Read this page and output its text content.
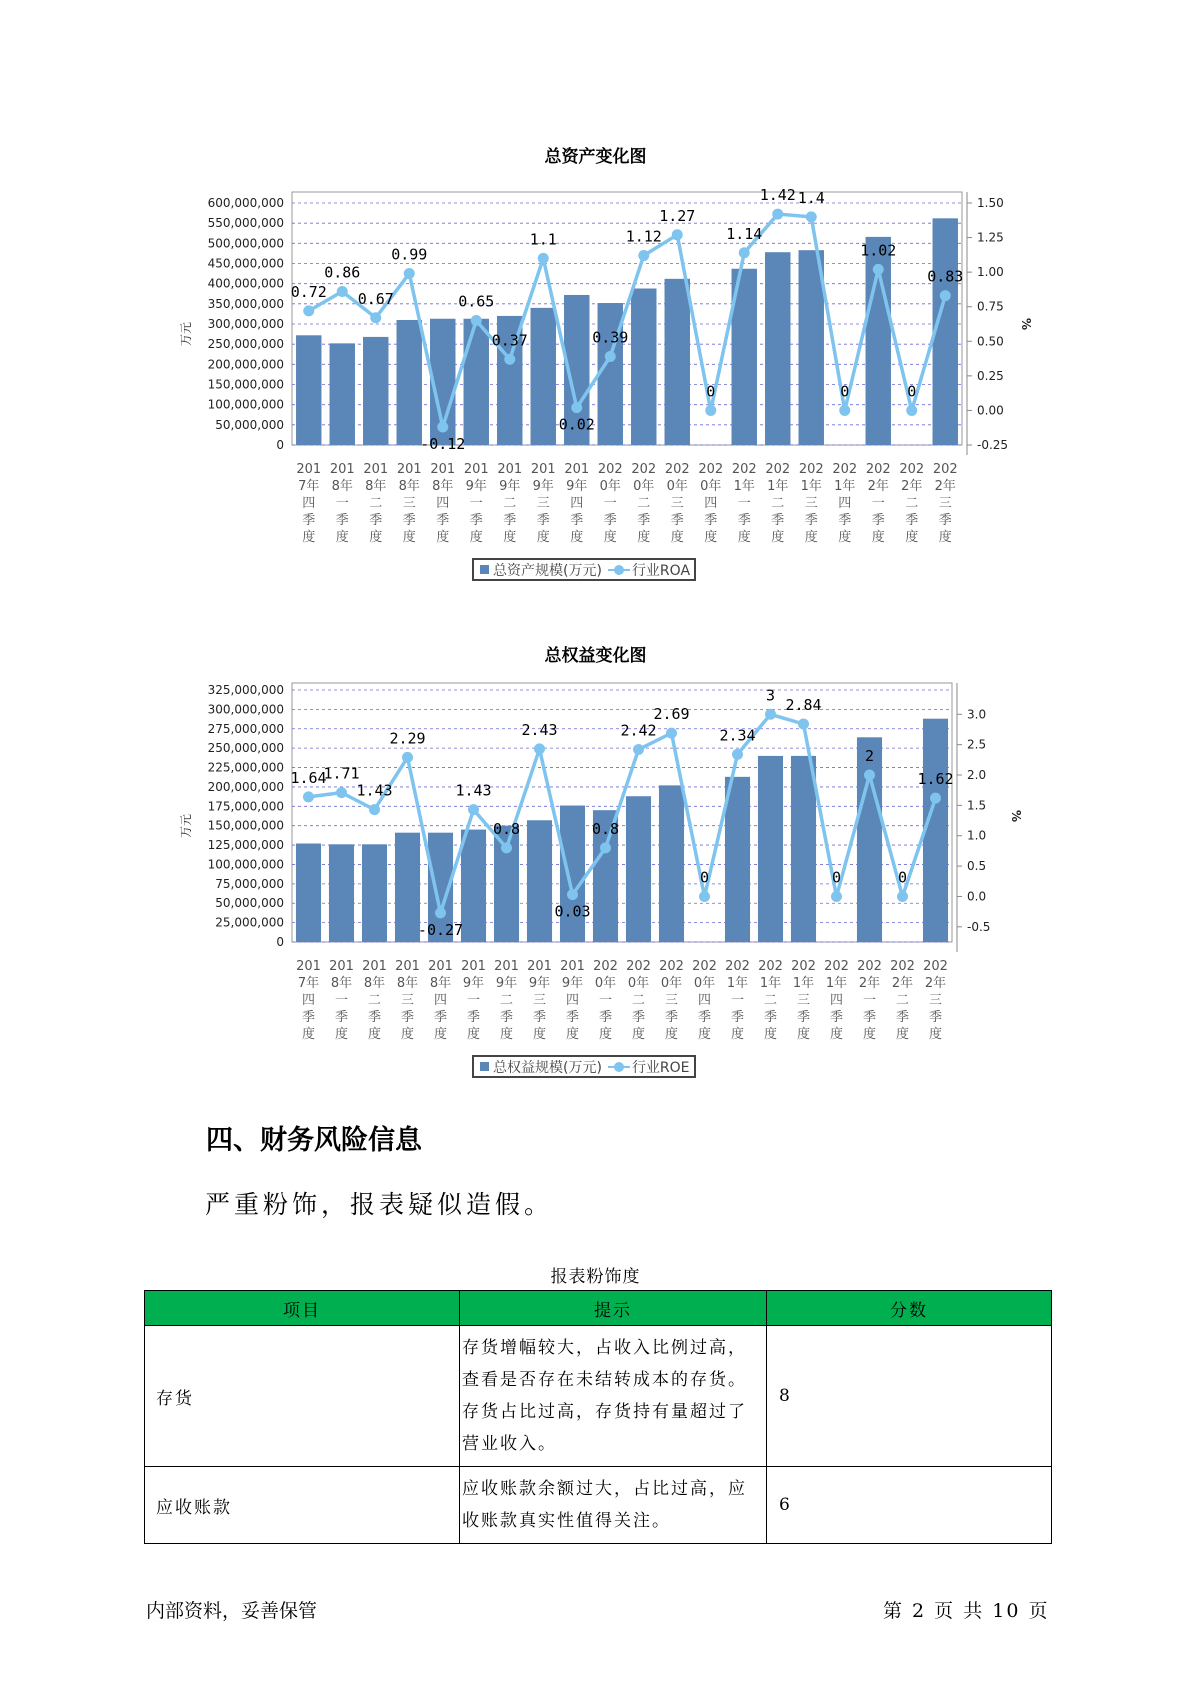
总资产变化图
0
50,000,000
100,000,000
150,000,000
200,000,000
250,000,000
300,000,000
350,000,000
400,000,000
450,000,000
500,000,000
550,000,000
600,000,000
万元
-0.25
0.00
0.25
0.50
0.75
1.00
1.25
1.50
%
201
7年
四
季
度
201
8年
一
季
度
201
8年
二
季
度
201
8年
三
季
度
201
8年
四
季
度
201
9年
一
季
度
201
9年
二
季
度
201
9年
三
季
度
201
9年
四
季
度
202
0年
一
季
度
202
0年
二
季
度
202
0年
三
季
度
202
0年
四
季
度
202
1年
一
季
度
202
1年
二
季
度
202
1年
三
季
度
202
1年
四
季
度
202
2年
一
季
度
202
2年
二
季
度
202
2年
三
季
度
0.72
0.86
0.67
0.99
-0.12
0.65
0.37
1.1
0.02
0.39
1.12
1.27
0
1.14
1.42 1.4
0
1.02
0
0.83
总资产规模(万元) 行业ROA
总权益变化图
0
25,000,000
50,000,000
75,000,000
100,000,000
125,000,000
150,000,000
175,000,000
200,000,000
225,000,000
250,000,000
275,000,000
300,000,000
325,000,000
万元
-0.5
0.0
0.5
1.0
1.5
2.0
2.5
3.0
%
201
7年
四
季
度
201
8年
一
季
度
201
8年
二
季
度
201
8年
三
季
度
201
8年
四
季
度
201
9年
一
季
度
201
9年
二
季
度
201
9年
三
季
度
201
9年
四
季
度
202
0年
一
季
度
202
0年
二
季
度
202
0年
三
季
度
202
0年
四
季
度
202
1年
一
季
度
202
1年
二
季
度
202
1年
三
季
度
202
1年
四
季
度
202
2年
一
季
度
202
2年
二
季
度
202
2年
三
季
度
1.64
1.71
1.43
2.29
-0.27
1.43
0.8
2.43
0.03
0.8
2.42
2.69
0
2.34
3
2.84
0
2
0
1.62
总权益规模(万元) 行业ROE
四、财务风险信息
严重粉饰，报表疑似造假。
报表粉饰度
项目	提示	分数
存货	存货增幅较大，占收入比例过高，查看是否存在未结转成本的存货。存货占比过高，存货持有量超过了营业收入。	8
应收账款	应收账款余额过大，占比过高，应收账款真实性值得关注。	6
内部资料，妥善保管	第 2 页 共 10 页
